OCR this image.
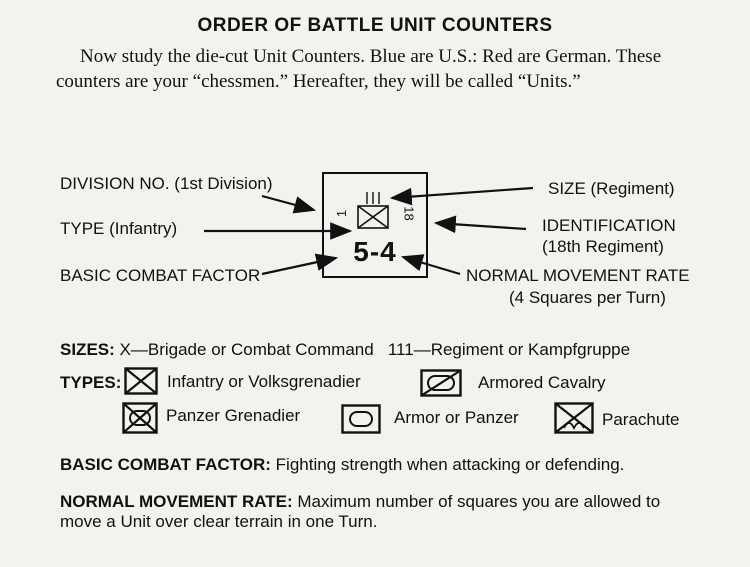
ORDER OF BATTLE UNIT COUNTERS
Now study the die-cut Unit Counters. Blue are U.S.: Red are German. These counters are your “chessmen.” Hereafter, they will be called “Units.”
DIVISION NO. (1st Division)
TYPE (Infantry)
BASIC COMBAT FACTOR
SIZE (Regiment)
IDENTIFICATION
(18th Regiment)
NORMAL MOVEMENT RATE
(4 Squares per Turn)
1	18
5-4
SIZES: X—Brigade or Combat Command   111—Regiment or Kampfgruppe
TYPES:	Infantry or Volksgrenadier	Armored Cavalry
Panzer Grenadier	Armor or Panzer	Parachute
BASIC COMBAT FACTOR: Fighting strength when attacking or defending.
NORMAL MOVEMENT RATE: Maximum number of squares you are allowed to move a Unit over clear terrain in one Turn.
